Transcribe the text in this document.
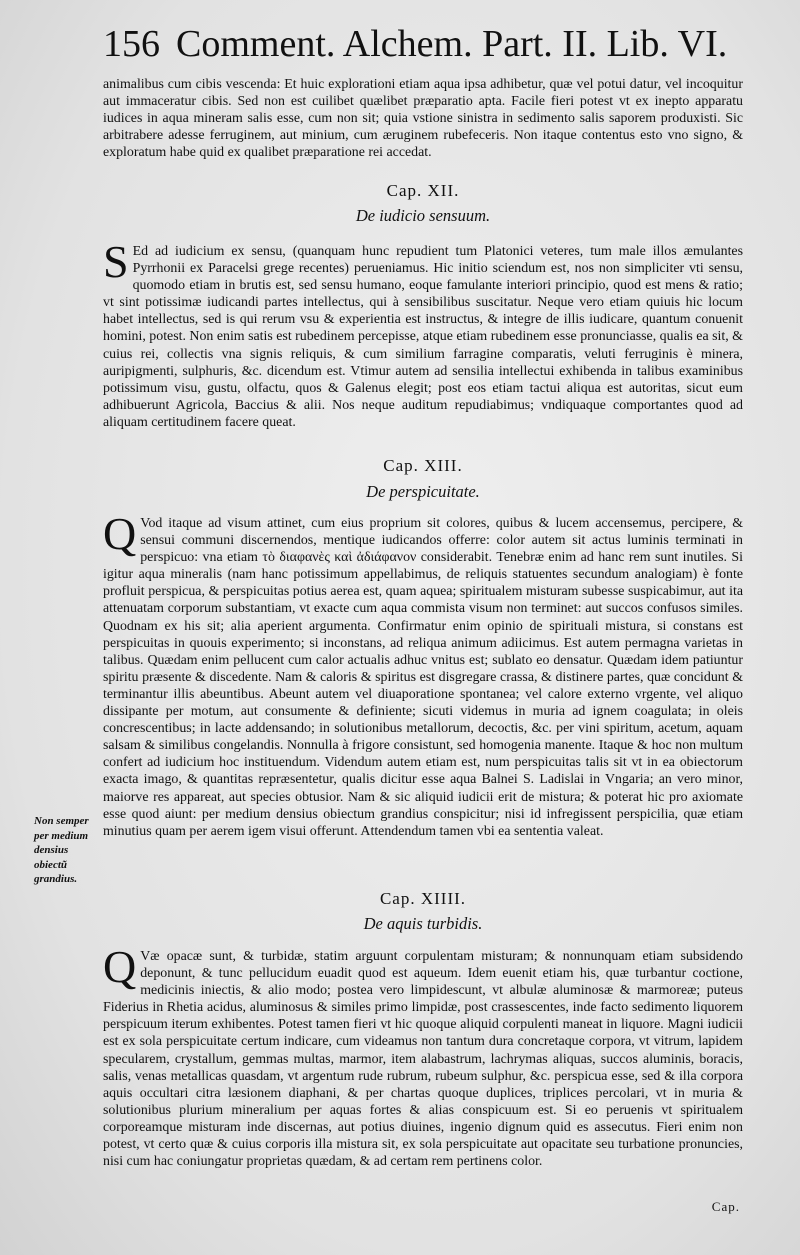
156 Comment. Alchem. Part. II. Lib. VI.

animalibus cum cibis vescenda: Et huic explorationi etiam aqua ipsa adhibetur, quæ vel potui datur, vel incoquitur aut immaceratur cibis. Sed non est cuilibet quælibet præparatio apta. Facile fieri potest vt ex inepto apparatu iudices in aqua mineram salis esse, cum non sit; quia vstione sinistra in sedimento salis saporem produxisti. Sic arbitrabere adesse ferruginem, aut minium, cum æruginem rubefeceris. Non itaque contentus esto vno signo, & exploratum habe quid ex qualibet præparatione rei accedat.

Cap. XII.
De iudicio sensuum.
S Ed ad iudicium ex sensu, (quanquam hunc repudient tum Platonici veteres, tum male illos æmulantes Pyrrhonii ex Paracelsi grege recentes) perueniamus. Hic initio sciendum est, nos non simpliciter vti sensu, quomodo etiam in brutis est, sed sensu humano, eoque famulante interiori principio, quod est mens & ratio; vt sint potissimæ iudicandi partes intellectus, qui à sensibilibus suscitatur. Neque vero etiam quiuis hic locum habet intellectus, sed is qui rerum vsu & experientia est instructus, & integre de illis iudicare, quantum conuenit homini, potest. Non enim satis est rubedinem percepisse, atque etiam rubedinem esse pronunciasse, qualis ea sit, & cuius rei, collectis vna signis reliquis, & cum similium farragine comparatis, veluti ferruginis è minera, auripigmenti, sulphuris, &c. dicendum est. Vtimur autem ad sensilia intellectui exhibenda in talibus examinibus potissimum visu, gustu, olfactu, quos & Galenus elegit; post eos etiam tactui aliqua est autoritas, sicut eum adhibuerunt Agricola, Baccius & alii. Nos neque auditum repudiabimus; vndiquaque comportantes quod ad aliquam certitudinem facere queat.

Cap. XIII.
De perspicuitate.
Q Vod itaque ad visum attinet, cum eius proprium sit colores, quibus & lucem accensemus, percipere, & sensui communi discernendos, mentique iudicandos offerre: color autem sit actus luminis terminati in perspicuo: vna etiam τὸ διαφανὲς καὶ ἀδιάφανον considerabit. Tenebræ enim ad hanc rem sunt inutiles. Si igitur aqua mineralis (nam hanc potissimum appellabimus, de reliquis statuentes secundum analogiam) è fonte profluit perspicua, & perspicuitas potius aerea est, quam aquea; spiritualem misturam subesse suspicabimur, aut ita attenuatam corporum substantiam, vt exacte cum aqua commista visum non terminet: aut succos confusos similes. Quodnam ex his sit; alia aperient argumenta. Confirmatur enim opinio de spirituali mistura, si constans est perspicuitas in quouis experimento; si inconstans, ad reliqua animum adiicimus. Est autem permagna varietas in talibus. Quædam enim pellucent cum calor actualis adhuc vnitus est; sublato eo densatur. Quædam idem patiuntur spiritu præsente & discedente. Nam & caloris & spiritus est disgregare crassa, & distinere partes, quæ concidunt & terminantur illis abeuntibus. Abeunt autem vel diuaporatione spontanea; vel calore externo vrgente, vel aliquo dissipante per motum, aut consumente & definiente; sicuti videmus in muria ad ignem coagulata; in oleis concrescentibus; in lacte addensando; in solutionibus metallorum, decoctis, &c. per vini spiritum, acetum, aquam salsam & similibus congelandis. Nonnulla à frigore consistunt, sed homogenia manente. Itaque & hoc non multum confert ad iudicium hoc instituendum. Videndum autem etiam est, num perspicuitas talis sit vt in ea obiectorum exacta imago, & quantitas repræsentetur, qualis dicitur esse aqua Balnei S. Ladislai in Vngaria; an vero minor, maiorve res appareat, aut species obtusior. Nam & sic aliquid iudicii erit de mistura; & poterat hic pro axiomate esse quod aiunt: per medium densius obiectum grandius conspicitur; nisi id infregissent perspicilia, quæ etiam minutius quam per aerem igem visui offerunt. Attendendum tamen vbi ea sententia valeat.

Non semper per medium densius obiectũ grandius.
Cap. XIIII.
De aquis turbidis.
Q Væ opacæ sunt, & turbidæ, statim arguunt corpulentam misturam; & nonnunquam etiam subsidendo deponunt, & tunc pellucidum euadit quod est aqueum. Idem euenit etiam his, quæ turbantur coctione, medicinis iniectis, & alio modo; postea vero limpidescunt, vt albulæ aluminosæ & marmoreæ; puteus Fiderius in Rhetia acidus, aluminosus & similes primo limpidæ, post crassescentes, inde facto sedimento liquorem perspicuum iterum exhibentes. Potest tamen fieri vt hic quoque aliquid corpulenti maneat in liquore. Magni iudicii est ex sola perspicuitate certum indicare, cum videamus non tantum dura concretaque corpora, vt vitrum, lapidem specularem, crystallum, gemmas multas, marmor, item alabastrum, lachrymas aliquas, succos aluminis, boracis, salis, venas metallicas quasdam, vt argentum rude rubrum, rubeum sulphur, &c. perspicua esse, sed & illa corpora aquis occultari citra læsionem diaphani, & per chartas quoque duplices, triplices percolari, vt in muria & solutionibus plurium mineralium per aquas fortes & alias conspicuum est. Si eo peruenis vt spiritualem corporeamque misturam inde discernas, aut potius diuines, ingenio dignum quid es assecutus. Fieri enim non potest, vt certo quæ & cuius corporis illa mistura sit, ex sola perspicuitate aut opacitate seu turbatione pronuncies, nisi cum hac coniungatur proprietas quædam, & ad certam rem pertinens color.

Cap.
